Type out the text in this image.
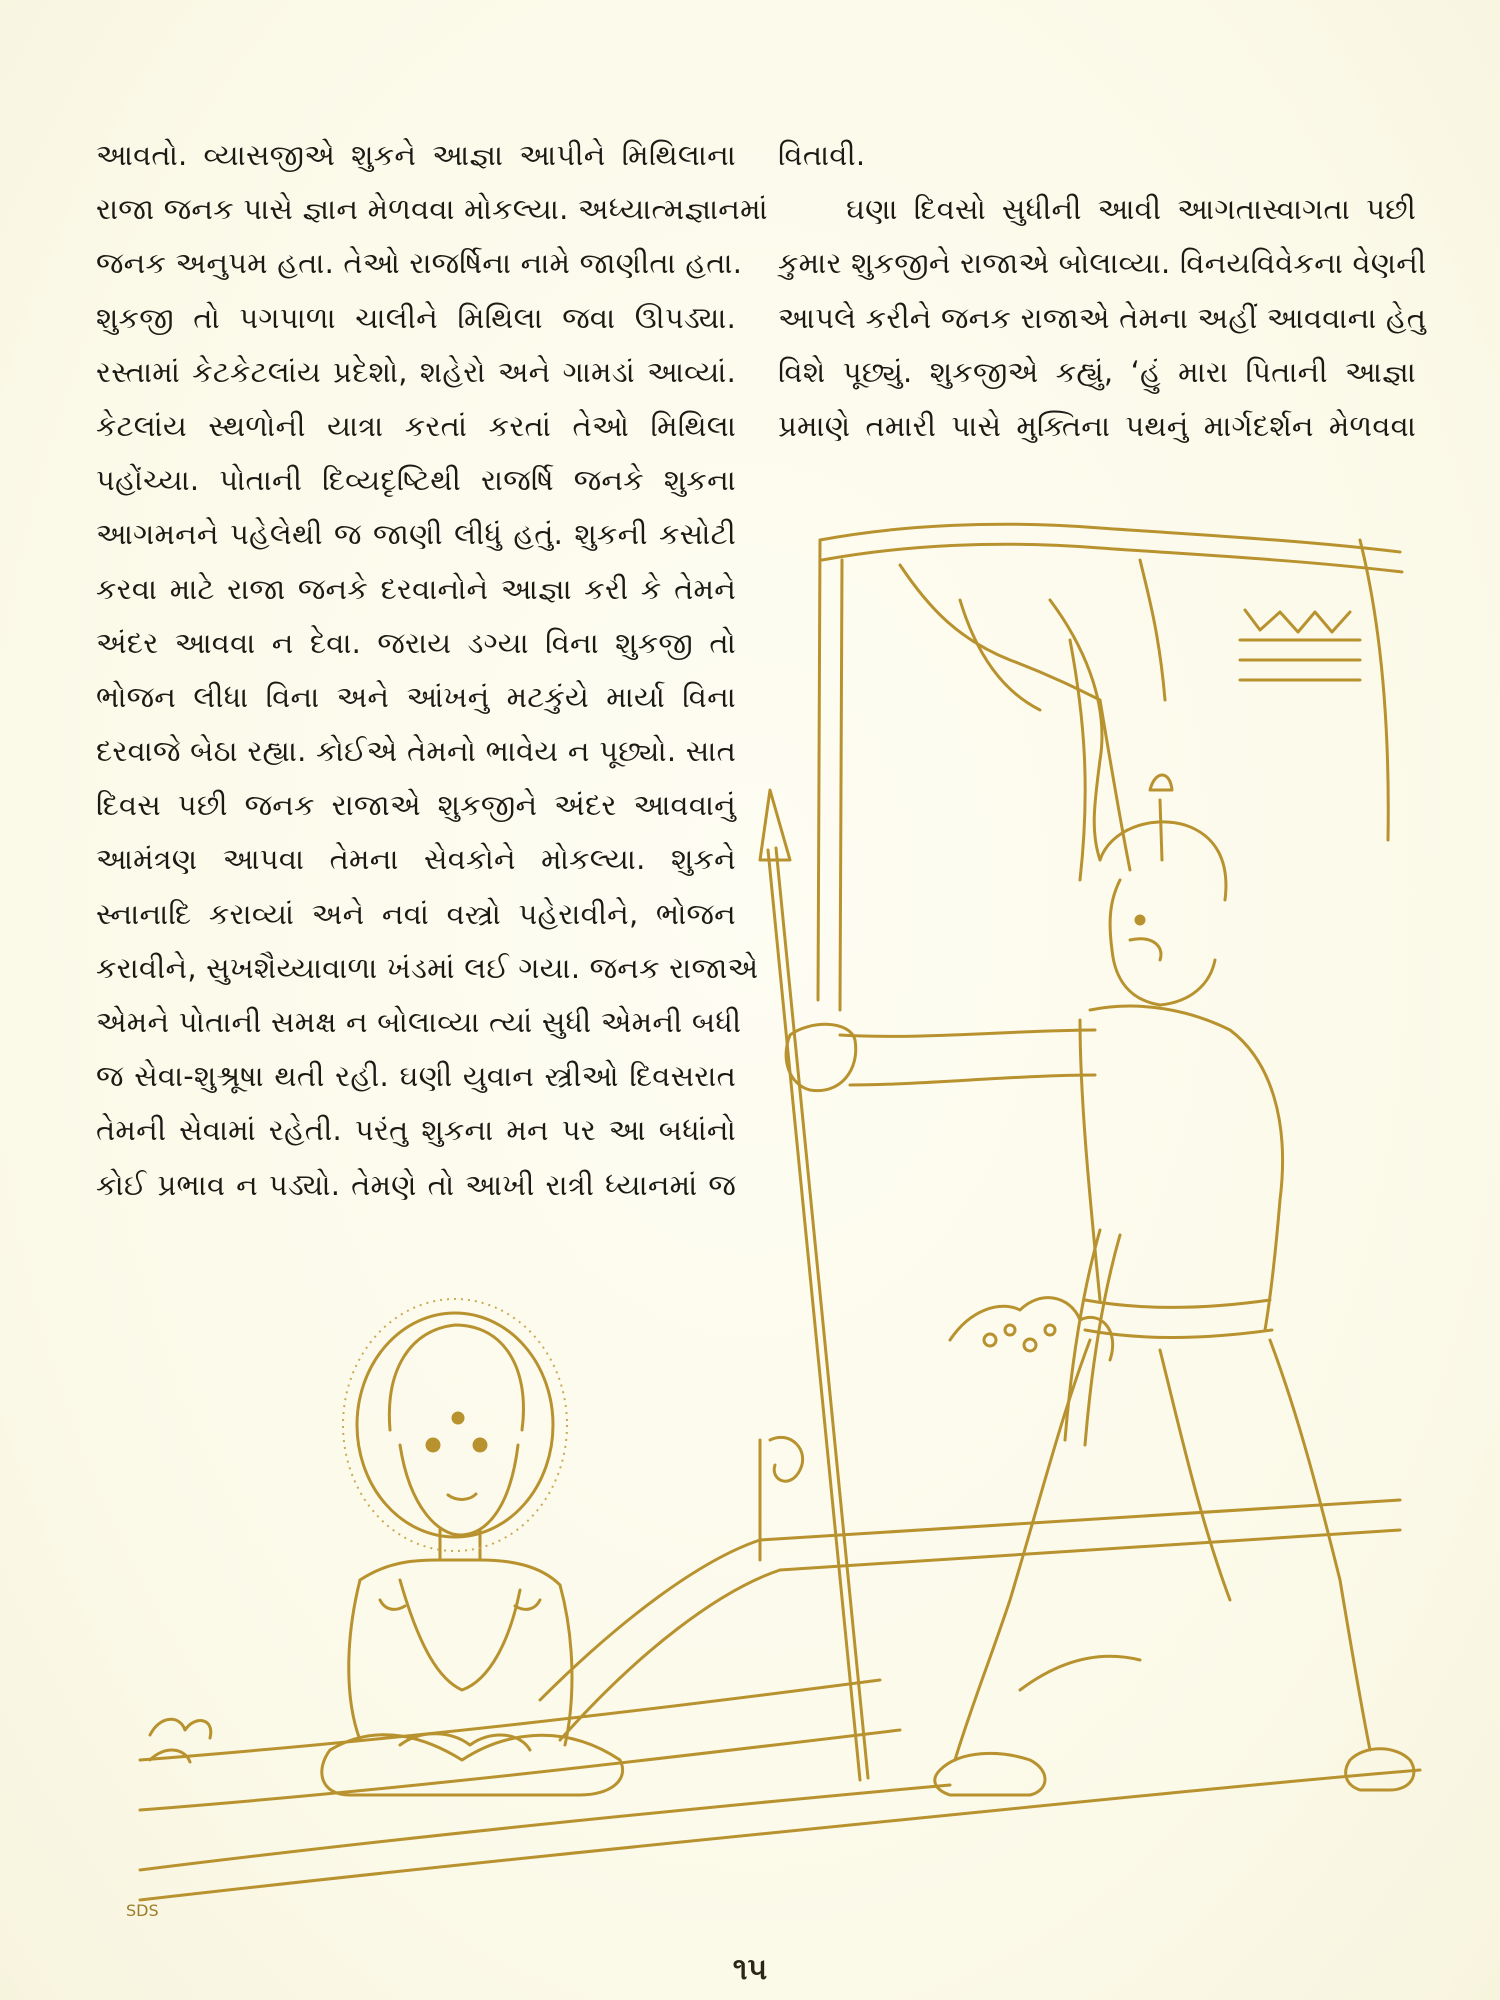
SDS
આવતો. વ્યાસજીએ શુકને આજ્ઞા આપીને મિથિલાના
રાજા જનક પાસે જ્ઞાન મેળવવા મોકલ્યા. અધ્યાત્મજ્ઞાનમાં
જનક અનુપમ હતા. તેઓ રાજર્ષિના નામે જાણીતા હતા.
શુકજી તો પગપાળા ચાલીને મિથિલા જવા ઊપડ્યા.
રસ્તામાં કેટકેટલાંય પ્રદેશો, શહેરો અને ગામડાં આવ્યાં.
કેટલાંય સ્થળોની યાત્રા કરતાં કરતાં તેઓ મિથિલા
પહોંચ્યા. પોતાની દિવ્યદૃષ્ટિથી રાજર્ષિ જનકે શુકના
આગમનને પહેલેથી જ જાણી લીધું હતું. શુકની કસોટી
કરવા માટે રાજા જનકે દરવાનોને આજ્ઞા કરી કે તેમને
અંદર આવવા ન દેવા. જરાય ડગ્યા વિના શુકજી તો
ભોજન લીધા વિના અને આંખનું મટકુંયે માર્યા વિના
દરવાજે બેઠા રહ્યા. કોઈએ તેમનો ભાવેય ન પૂછ્યો. સાત
દિવસ પછી જનક રાજાએ શુકજીને અંદર આવવાનું
આમંત્રણ આપવા તેમના સેવકોને મોકલ્યા. શુકને
સ્નાનાદિ કરાવ્યાં અને નવાં વસ્ત્રો પહેરાવીને, ભોજન
કરાવીને, સુખશૈય્યાવાળા ખંડમાં લઈ ગયા. જનક રાજાએ
એમને પોતાની સમક્ષ ન બોલાવ્યા ત્યાં સુધી એમની બધી
જ સેવા-શુશ્રૂષા થતી રહી. ઘણી યુવાન સ્ત્રીઓ દિવસરાત
તેમની સેવામાં રહેતી. પરંતુ શુકના મન પર આ બધાંનો
કોઈ પ્રભાવ ન પડ્યો. તેમણે તો આખી રાત્રી ધ્યાનમાં જ
વિતાવી.
ઘણા દિવસો સુધીની આવી આગતાસ્વાગતા પછી
કુમાર શુકજીને રાજાએ બોલાવ્યા. વિનયવિવેકના વેણની
આપલે કરીને જનક રાજાએ તેમના અહીં આવવાના હેતુ
વિશે પૂછ્યું. શુકજીએ કહ્યું, ‘હું મારા પિતાની આજ્ઞા
પ્રમાણે તમારી પાસે મુક્તિના પથનું માર્ગદર્શન મેળવવા
૧૫
